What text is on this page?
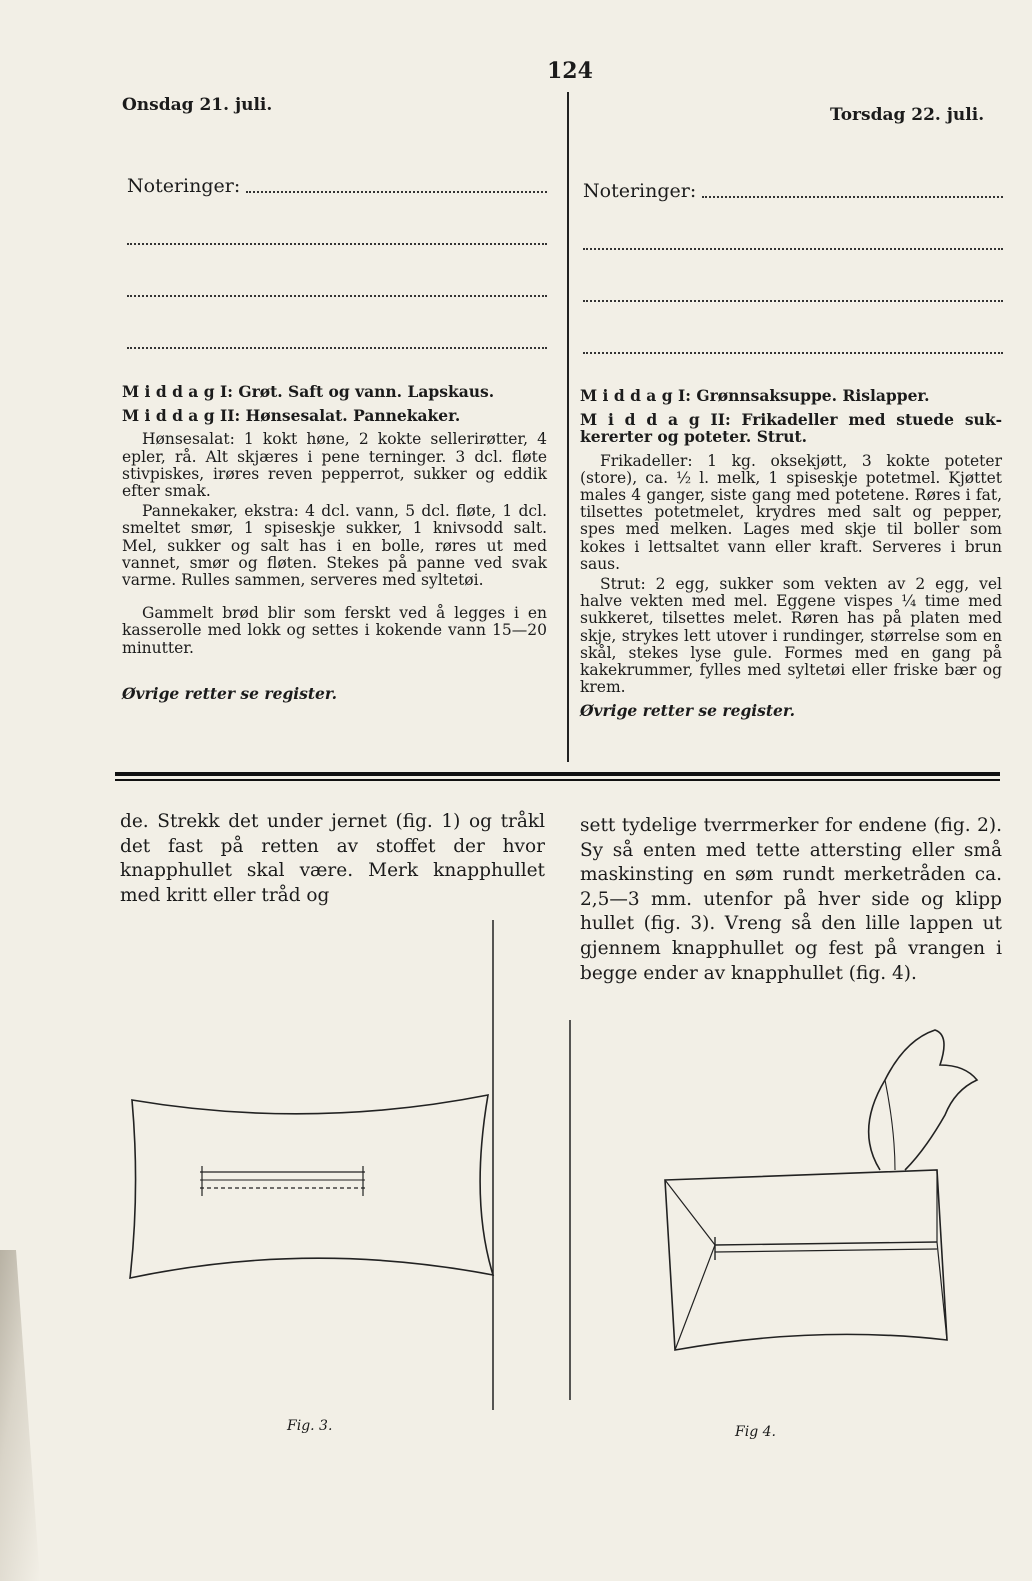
124
Onsdag 21. juli.	Torsdag 22. juli.
Noteringer:	Noteringer:

M i d d a g I: Grøt. Saft og vann. Lapskaus.

M i d d a g II: Hønsesalat. Pannekaker.

Hønsesalat: 1 kokt høne, 2 kokte sellerirøtter, 4 epler, rå. Alt skjæres i pene terninger. 3 dcl. fløte stivpiskes, irøres reven pepperrot, sukker og eddik efter smak.

Pannekaker, ekstra: 4 dcl. vann, 5 dcl. fløte, 1 dcl. smeltet smør, 1 spiseskje sukker, 1 knivsodd salt. Mel, sukker og salt has i en bolle, røres ut med vannet, smør og fløten. Stekes på panne ved svak varme. Rulles sammen, serveres med syltetøi.

Gammelt brød blir som ferskt ved å legges i en kasserolle med lokk og settes i kokende vann 15—20 minutter.

Øvrige retter se register.

M i d d a g I: Grønnsaksuppe. Rislapper.

M i d d a g II: Frikadeller med stuede sukkererter og poteter. Strut.

Frikadeller: 1 kg. oksekjøtt, 3 kokte poteter (store), ca. ½ l. melk, 1 spiseskje potetmel. Kjøttet males 4 ganger, siste gang med potetene. Røres i fat, tilsettes potetmelet, krydres med salt og pepper, spes med melken. Lages med skje til boller som kokes i lettsaltet vann eller kraft. Serveres i brun saus.

Strut: 2 egg, sukker som vekten av 2 egg, vel halve vekten med mel. Eggene vispes ¼ time med sukkeret, tilsettes melet. Røren has på platen med skje, strykes lett utover i rundinger, størrelse som en skål, stekes lyse gule. Formes med en gang på kakekrummer, fylles med syltetøi eller friske bær og krem.

Øvrige retter se register.

de. Strekk det under jernet (fig. 1) og tråkl det fast på retten av stoffet der hvor knapphullet skal være. Merk knapphullet med kritt eller tråd og
sett tydelige tverrmerker for endene (fig. 2). Sy så enten med tette attersting eller små maskinsting en søm rundt merketråden ca. 2,5—3 mm. utenfor på hver side og klipp hullet (fig. 3). Vreng så den lille lappen ut gjennem knapphullet og fest på vrangen i begge ender av knapphullet (fig. 4).
Fig. 3.	Fig 4.
